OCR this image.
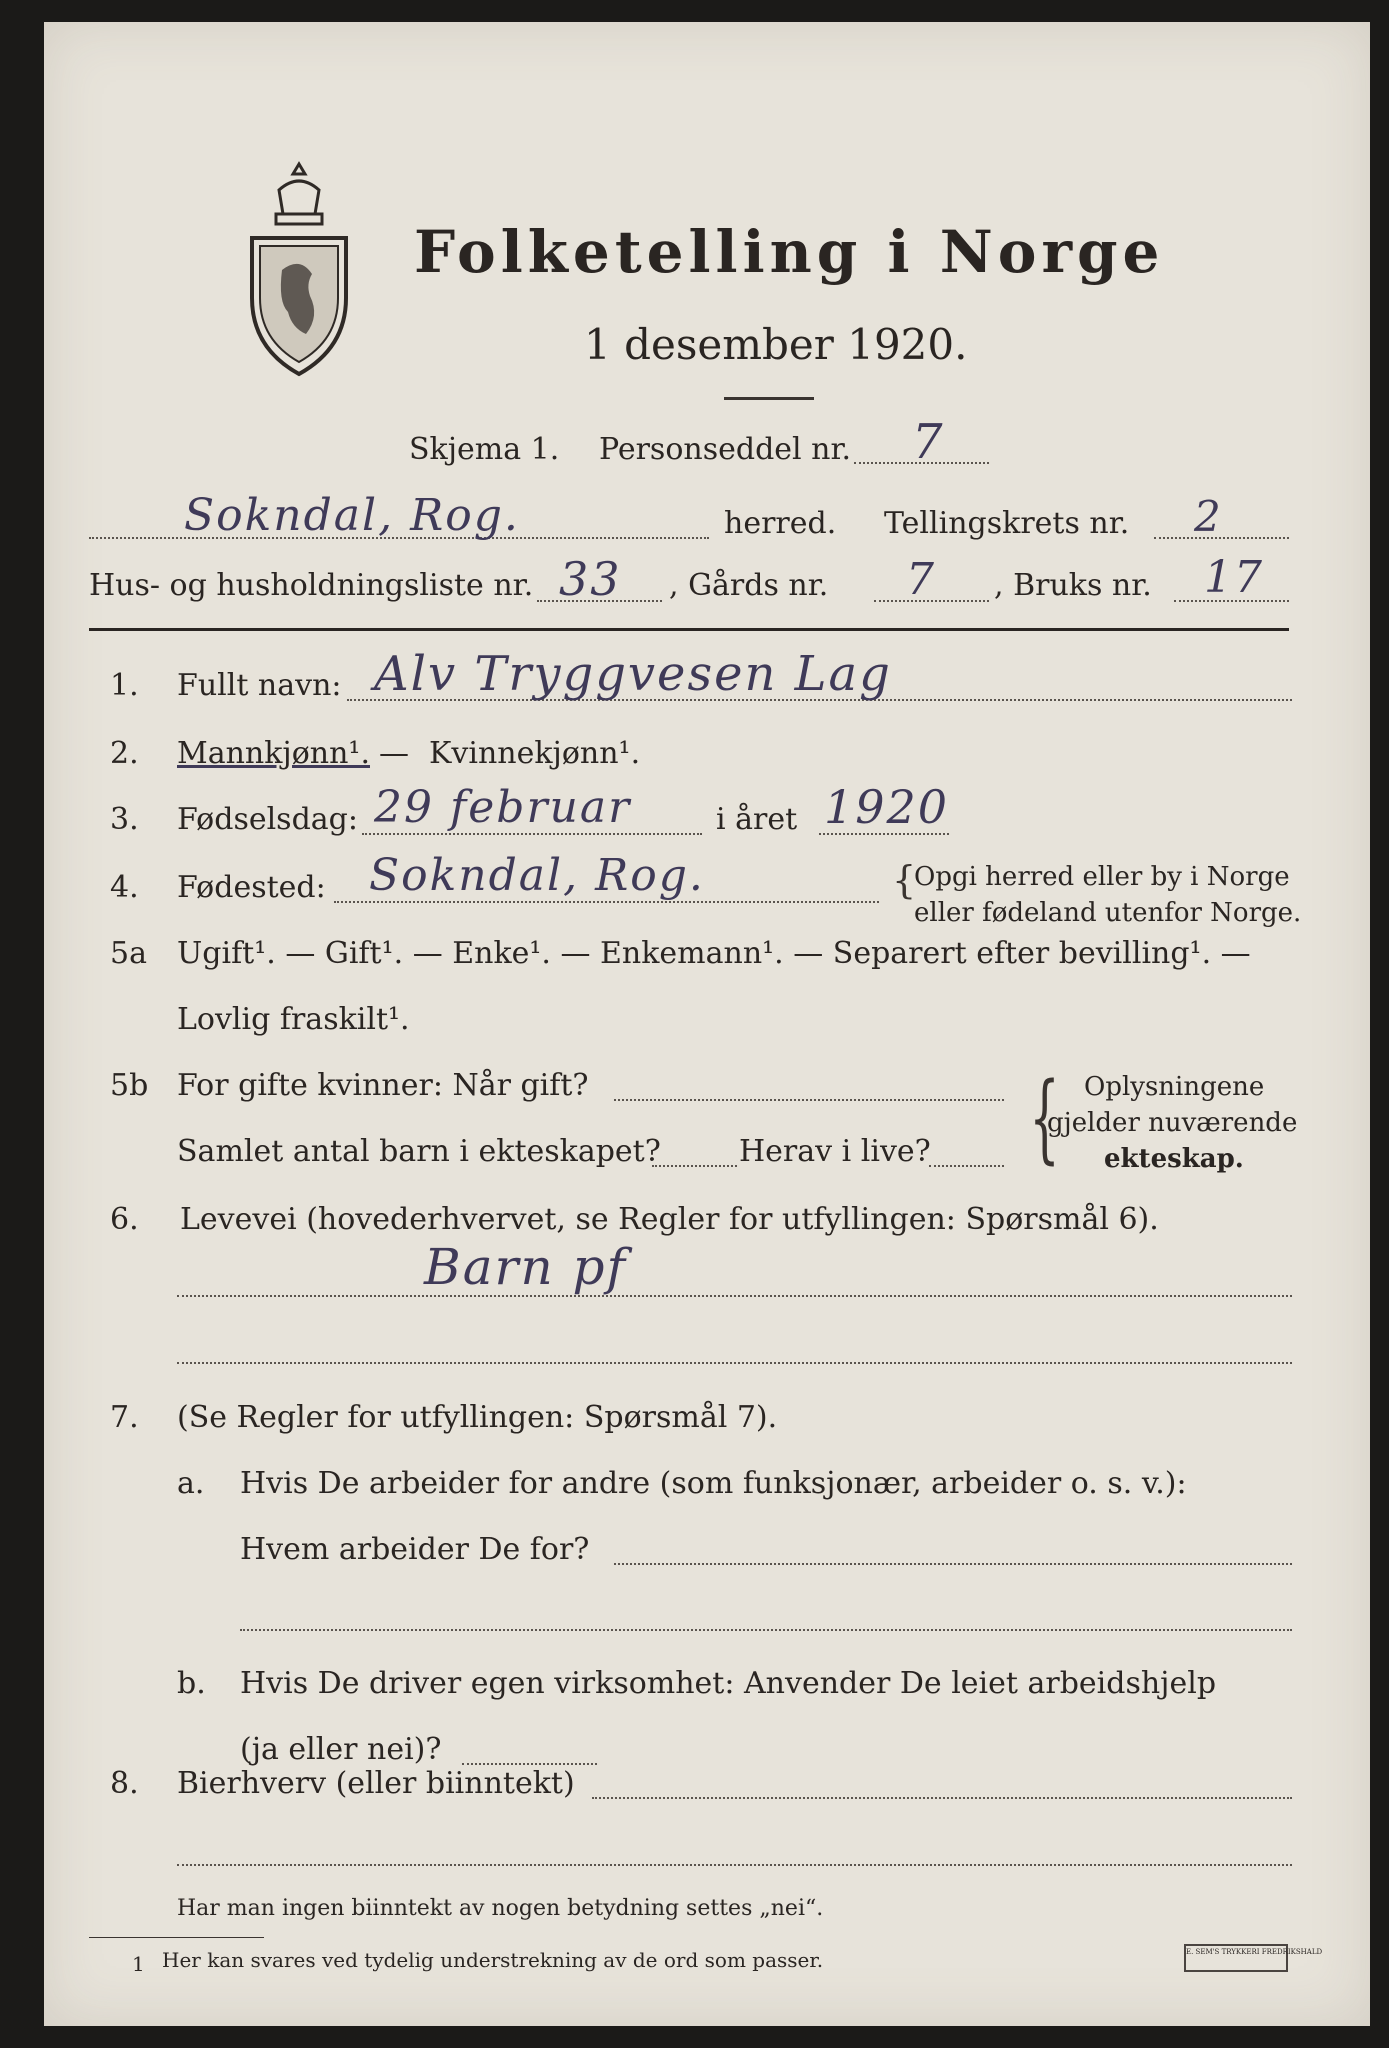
Folketelling i Norge
1 desember 1920.
Skjema 1. Personseddel nr. 7
Sokndal, Rog.	herred. Tellingskrets nr. 2
Hus- og husholdningsliste nr. 33 , Gårds nr. 7 , Bruks nr. 17
1. Fullt navn: Alv Tryggvesen Lag
2. Mannkjønn¹. — Kvinnekjønn¹.
3. Fødselsdag: 29 februar	i året 1920
4. Fødested: Sokndal, Rog.	{
Opgi herred eller by i Norge
eller fødeland utenfor Norge.
5a Ugift¹. — Gift¹. — Enke¹. — Enkemann¹. — Separert efter bevilling¹. —
Lovlig fraskilt¹.
5b For gifte kvinner: Når gift?
Samlet antal barn i ekteskapet?	Herav i live? { Oplysningene
gjelder nuværende
ekteskap.
6. Levevei (hovederhvervet, se Regler for utfyllingen: Spørsmål 6).
Barn pf
7. (Se Regler for utfyllingen: Spørsmål 7).
a. Hvis De arbeider for andre (som funksjonær, arbeider o. s. v.):
Hvem arbeider De for?
b. Hvis De driver egen virksomhet: Anvender De leiet arbeidshjelp
(ja eller nei)?
8. Bierhverv (eller biinntekt)
Har man ingen biinntekt av nogen betydning settes „nei“.
1 Her kan svares ved tydelig understrekning av de ord som passer.	E. SEM'S TRYKKERI FREDRIKSHALD
